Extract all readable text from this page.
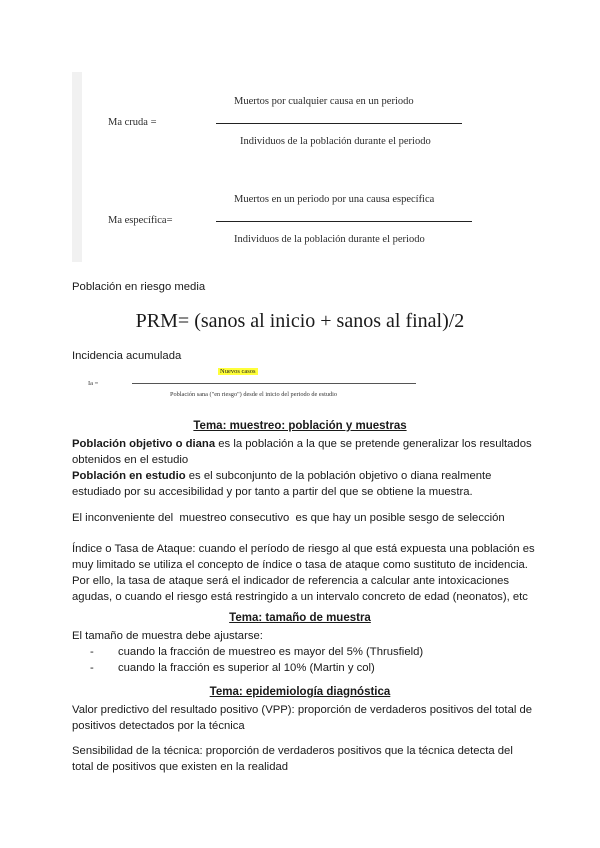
Muertos por cualquier causa en un periodo
Ma cruda =
Individuos de la población durante el periodo
Muertos en un periodo por una causa específica
Ma específica=
Individuos de la población durante el periodo
Población en riesgo media
PRM= (sanos al inicio + sanos al final)/2
Incidencia acumulada
Nuevos casos
Ia =
Población sana ("en riesgo") desde el inicio del periodo de estudio
Tema: muestreo: población y muestras
Población objetivo o diana es la población a la que se pretende generalizar los resultados
obtenidos en el estudio
Población en estudio es el subconjunto de la población objetivo o diana realmente
estudiado por su accesibilidad y por tanto a partir del que se obtiene la muestra.
El inconveniente del  muestreo consecutivo  es que hay un posible sesgo de selección
Índice o Tasa de Ataque: cuando el período de riesgo al que está expuesta una población es
muy limitado se utiliza el concepto de índice o tasa de ataque como sustituto de incidencia.
Por ello, la tasa de ataque será el indicador de referencia a calcular ante intoxicaciones
agudas, o cuando el riesgo está restringido a un intervalo concreto de edad (neonatos), etc
Tema: tamaño de muestra
El tamaño de muestra debe ajustarse:
- cuando la fracción de muestreo es mayor del 5% (Thrusfield)
- cuando la fracción es superior al 10% (Martin y col)
Tema: epidemiología diagnóstica
Valor predictivo del resultado positivo (VPP): proporción de verdaderos positivos del total de
positivos detectados por la técnica
Sensibilidad de la técnica: proporción de verdaderos positivos que la técnica detecta del
total de positivos que existen en la realidad
